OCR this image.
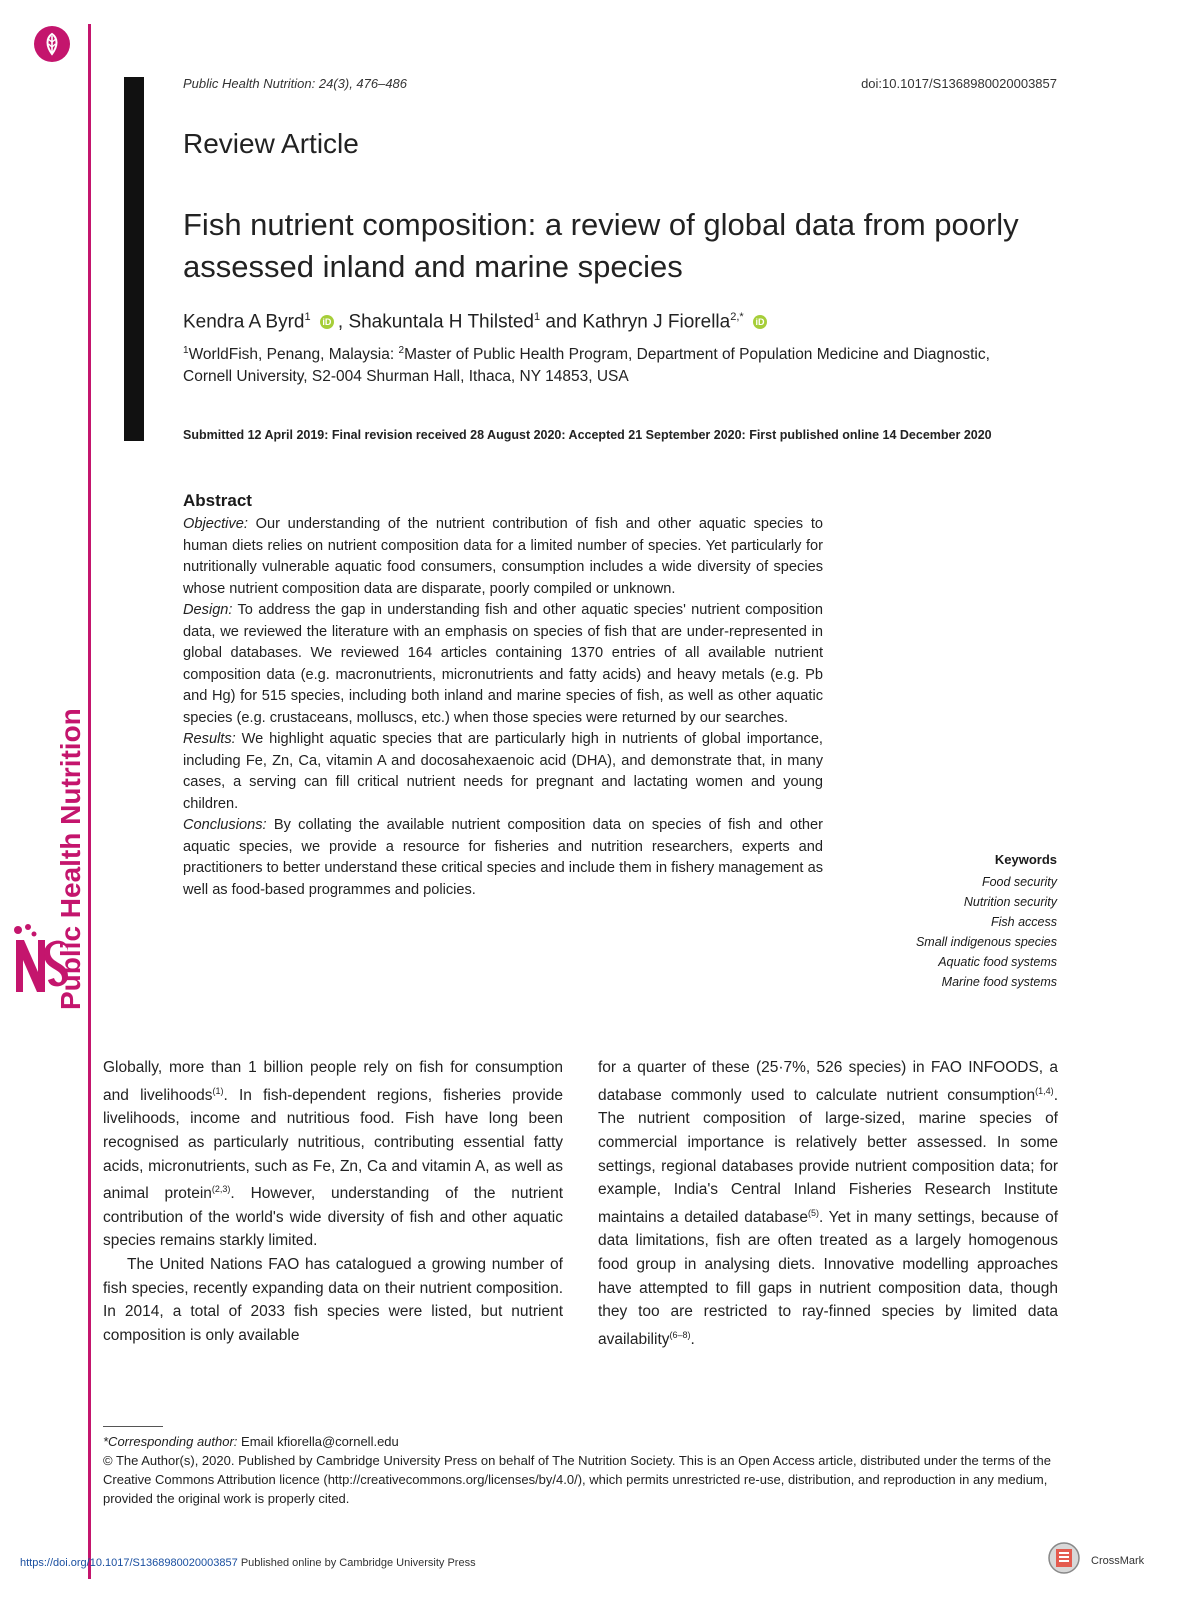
Public Health Nutrition
Public Health Nutrition: 24(3), 476–486	doi:10.1017/S1368980020003857
Review Article
Fish nutrient composition: a review of global data from poorly assessed inland and marine species
Kendra A Byrd$^1$ iD , Shakuntala H Thilsted$^1$ and Kathryn J Fiorella$^{2,*}$ iD
$^1$WorldFish, Penang, Malaysia: $^2$Master of Public Health Program, Department of Population Medicine and Diagnostic, Cornell University, S2-004 Shurman Hall, Ithaca, NY 14853, USA
Submitted 12 April 2019: Final revision received 28 August 2020: Accepted 21 September 2020: First published online 14 December 2020
Abstract

Objective: Our understanding of the nutrient contribution of fish and other aquatic species to human diets relies on nutrient composition data for a limited number of species. Yet particularly for nutritionally vulnerable aquatic food consumers, consumption includes a wide diversity of species whose nutrient composition data are disparate, poorly compiled or unknown.

Design: To address the gap in understanding fish and other aquatic species' nutrient composition data, we reviewed the literature with an emphasis on species of fish that are under-represented in global databases. We reviewed 164 articles containing 1370 entries of all available nutrient composition data (e.g. macronutrients, micronutrients and fatty acids) and heavy metals (e.g. Pb and Hg) for 515 species, including both inland and marine species of fish, as well as other aquatic species (e.g. crustaceans, molluscs, etc.) when those species were returned by our searches.

Results: We highlight aquatic species that are particularly high in nutrients of global importance, including Fe, Zn, Ca, vitamin A and docosahexaenoic acid (DHA), and demonstrate that, in many cases, a serving can fill critical nutrient needs for pregnant and lactating women and young children.

Conclusions: By collating the available nutrient composition data on species of fish and other aquatic species, we provide a resource for fisheries and nutrition researchers, experts and practitioners to better understand these critical species and include them in fishery management as well as food-based programmes and policies.

Keywords
Food security
Nutrition security
Fish access
Small indigenous species
Aquatic food systems
Marine food systems

Globally, more than 1 billion people rely on fish for consumption and livelihoods$^{(1)}$. In fish-dependent regions, fisheries provide livelihoods, income and nutritious food. Fish have long been recognised as particularly nutritious, contributing essential fatty acids, micronutrients, such as Fe, Zn, Ca and vitamin A, as well as animal protein$^{(2,3)}$. However, understanding of the nutrient contribution of the world's wide diversity of fish and other aquatic species remains starkly limited.

The United Nations FAO has catalogued a growing number of fish species, recently expanding data on their nutrient composition. In 2014, a total of 2033 fish species were listed, but nutrient composition is only available

for a quarter of these (25·7%, 526 species) in FAO INFOODS, a database commonly used to calculate nutrient consumption$^{(1,4)}$. The nutrient composition of large-sized, marine species of commercial importance is relatively better assessed. In some settings, regional databases provide nutrient composition data; for example, India's Central Inland Fisheries Research Institute maintains a detailed database$^{(5)}$. Yet in many settings, because of data limitations, fish are often treated as a largely homogenous food group in analysing diets. Innovative modelling approaches have attempted to fill gaps in nutrient composition data, though they too are restricted to ray-finned species by limited data availability$^{(6-8)}$.

*Corresponding author: Email kfiorella@cornell.edu

© The Author(s), 2020. Published by Cambridge University Press on behalf of The Nutrition Society. This is an Open Access article, distributed under the terms of the Creative Commons Attribution licence (http://creativecommons.org/licenses/by/4.0/), which permits unrestricted re-use, distribution, and reproduction in any medium, provided the original work is properly cited.

https://doi.org/10.1017/S1368980020003857 Published online by Cambridge University Press	CrossMark
